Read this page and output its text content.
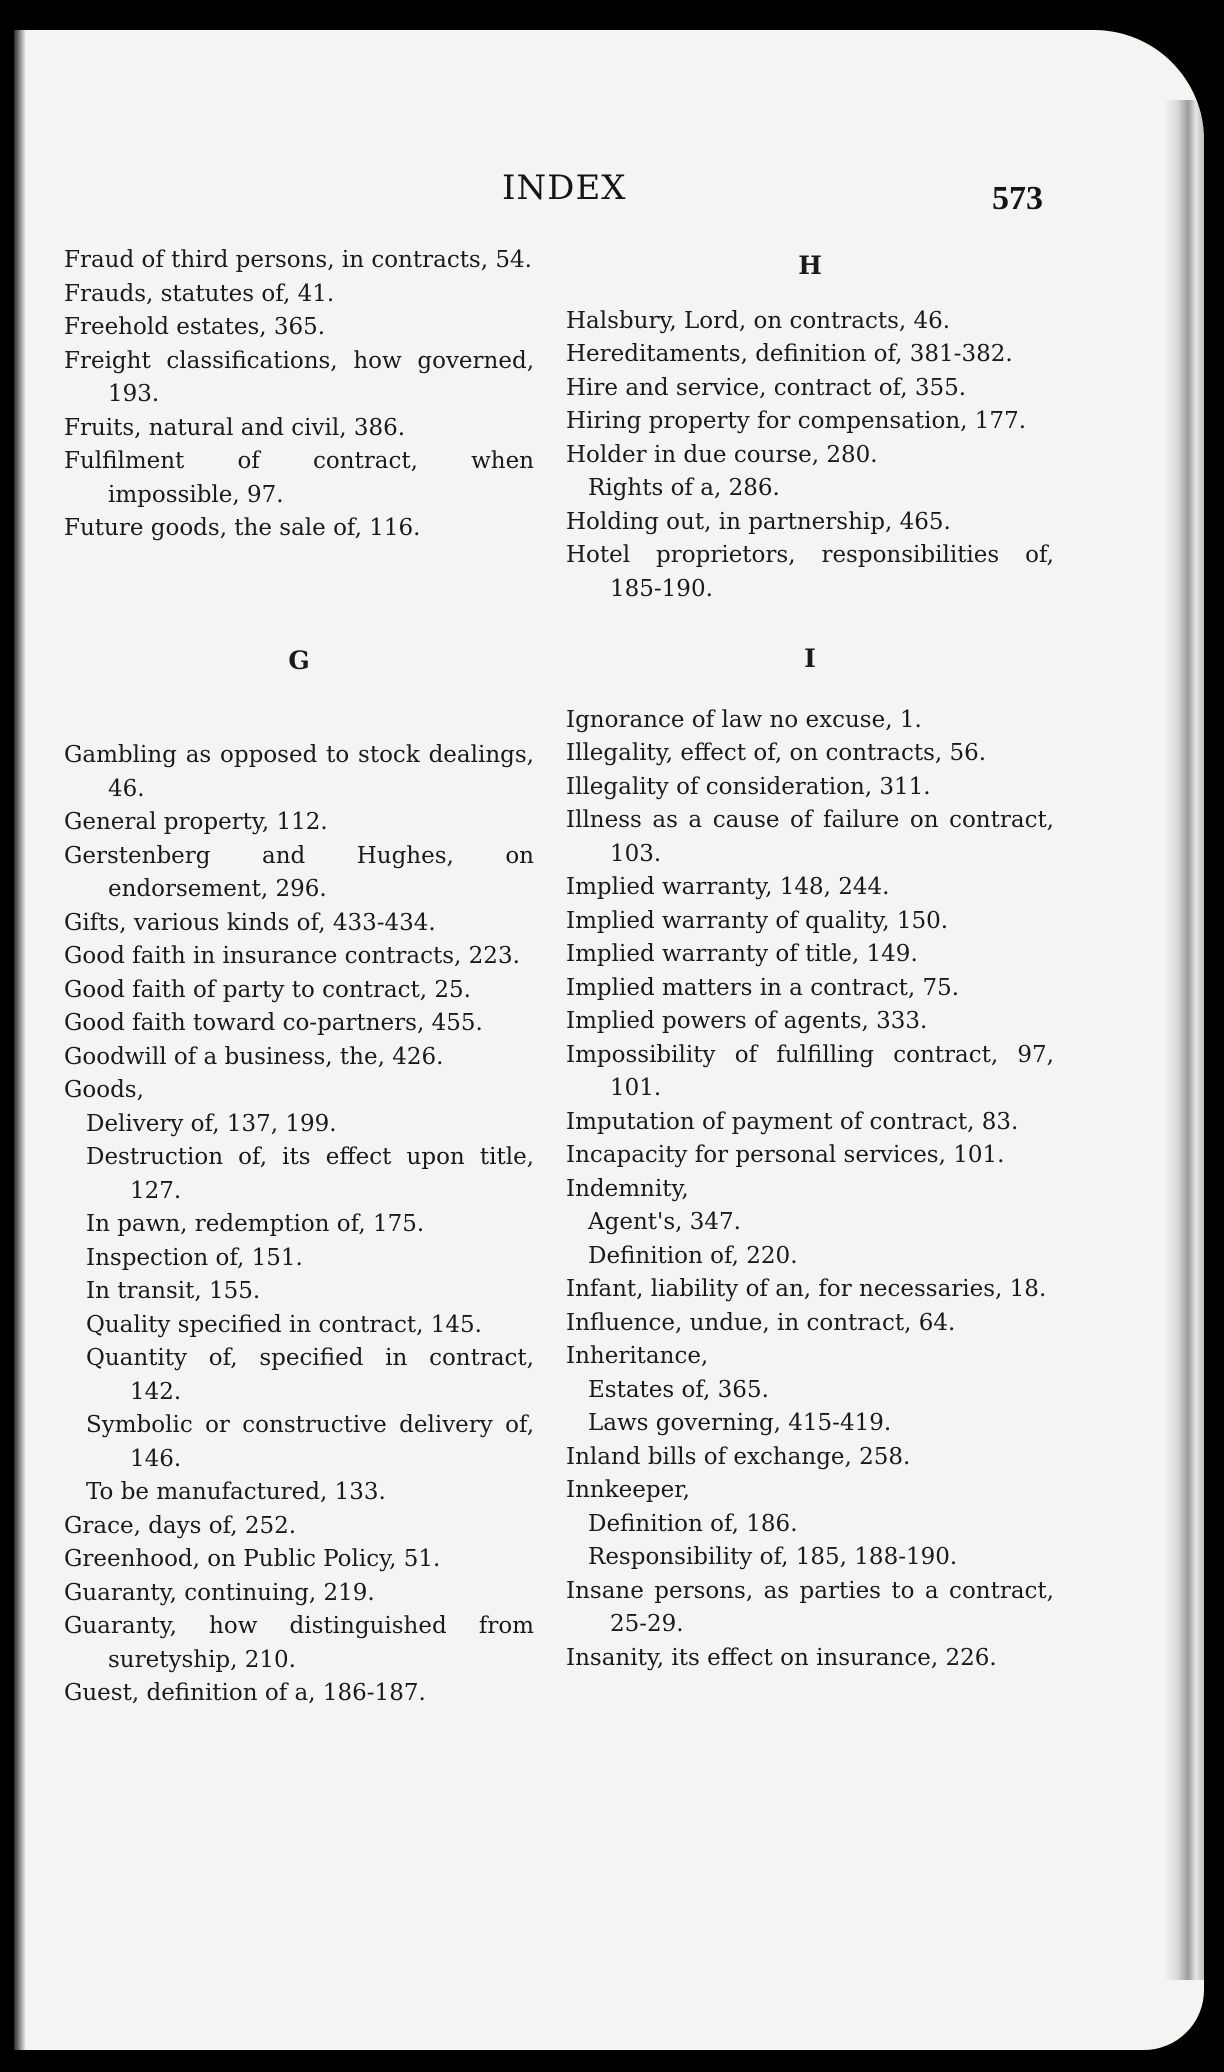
INDEX	573
Fraud of third persons, in contracts, 54.
Frauds, statutes of, 41.
Freehold estates, 365.
Freight classifications, how governed, 193.
Fruits, natural and civil, 386.
Fulfilment of contract, when impossible, 97.
Future goods, the sale of, 116.
G
Gambling as opposed to stock dealings, 46.
General property, 112.
Gerstenberg and Hughes, on endorsement, 296.
Gifts, various kinds of, 433-434.
Good faith in insurance contracts, 223.
Good faith of party to contract, 25.
Good faith toward co-partners, 455.
Goodwill of a business, the, 426.
Goods,
Delivery of, 137, 199.
Destruction of, its effect upon title, 127.
In pawn, redemption of, 175.
Inspection of, 151.
In transit, 155.
Quality specified in contract, 145.
Quantity of, specified in contract, 142.
Symbolic or constructive delivery of, 146.
To be manufactured, 133.
Grace, days of, 252.
Greenhood, on Public Policy, 51.
Guaranty, continuing, 219.
Guaranty, how distinguished from suretyship, 210.
Guest, definition of a, 186-187.
H
Halsbury, Lord, on contracts, 46.
Hereditaments, definition of, 381-382.
Hire and service, contract of, 355.
Hiring property for compensation, 177.
Holder in due course, 280.
Rights of a, 286.
Holding out, in partnership, 465.
Hotel proprietors, responsibilities of, 185-190.
I
Ignorance of law no excuse, 1.
Illegality, effect of, on contracts, 56.
Illegality of consideration, 311.
Illness as a cause of failure on contract, 103.
Implied warranty, 148, 244.
Implied warranty of quality, 150.
Implied warranty of title, 149.
Implied matters in a contract, 75.
Implied powers of agents, 333.
Impossibility of fulfilling contract, 97, 101.
Imputation of payment of contract, 83.
Incapacity for personal services, 101.
Indemnity,
Agent's, 347.
Definition of, 220.
Infant, liability of an, for necessaries, 18.
Influence, undue, in contract, 64.
Inheritance,
Estates of, 365.
Laws governing, 415-419.
Inland bills of exchange, 258.
Innkeeper,
Definition of, 186.
Responsibility of, 185, 188-190.
Insane persons, as parties to a contract, 25-29.
Insanity, its effect on insurance, 226.
